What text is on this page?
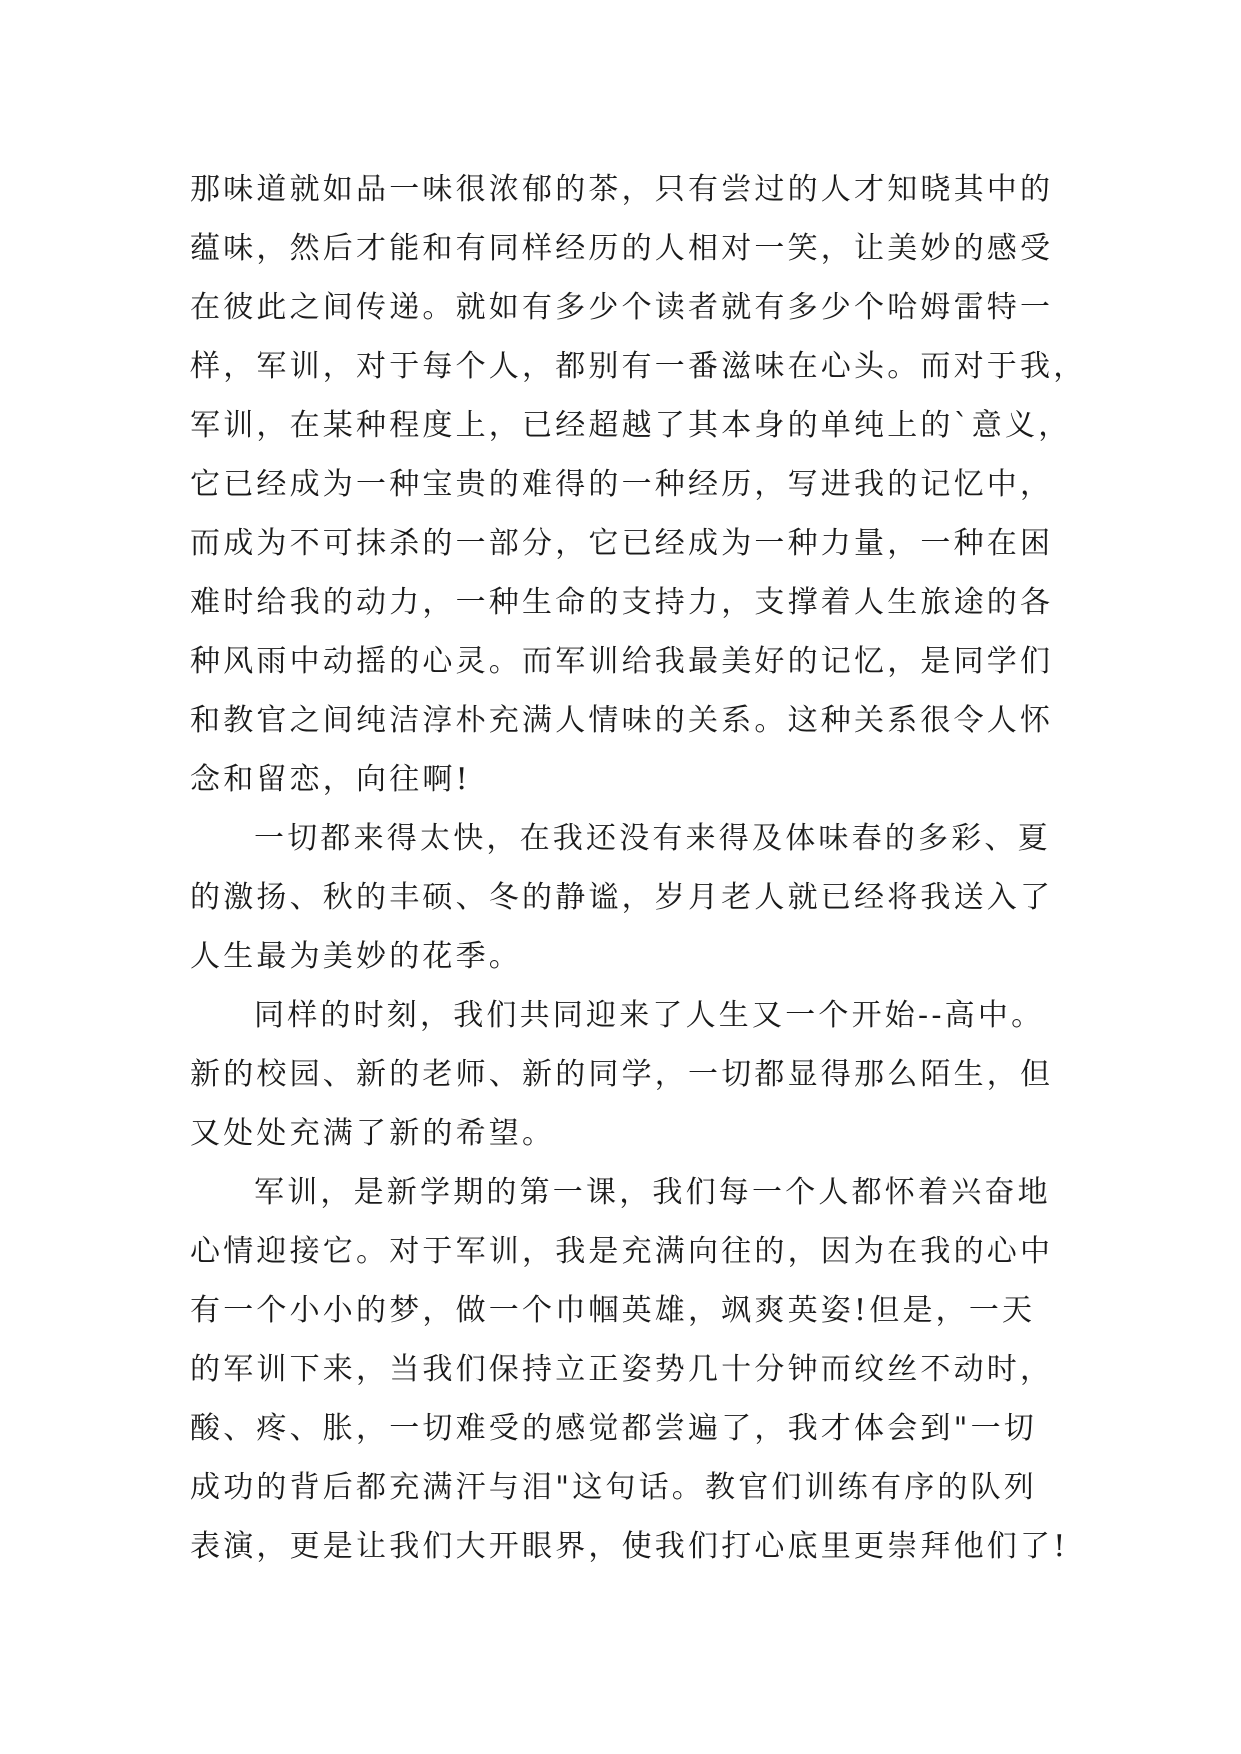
那味道就如品一味很浓郁的茶，只有尝过的人才知晓其中的
蕴味，然后才能和有同样经历的人相对一笑，让美妙的感受
在彼此之间传递。就如有多少个读者就有多少个哈姆雷特一
样，军训，对于每个人，都别有一番滋味在心头。而对于我，
军训，在某种程度上，已经超越了其本身的单纯上的`意义，
它已经成为一种宝贵的难得的一种经历，写进我的记忆中，
而成为不可抹杀的一部分，它已经成为一种力量，一种在困
难时给我的动力，一种生命的支持力，支撑着人生旅途的各
种风雨中动摇的心灵。而军训给我最美好的记忆，是同学们
和教官之间纯洁淳朴充满人情味的关系。这种关系很令人怀
念和留恋，向往啊!
一切都来得太快，在我还没有来得及体味春的多彩、夏
的激扬、秋的丰硕、冬的静谧，岁月老人就已经将我送入了
人生最为美妙的花季。
同样的时刻，我们共同迎来了人生又一个开始--高中。
新的校园、新的老师、新的同学，一切都显得那么陌生，但
又处处充满了新的希望。
军训，是新学期的第一课，我们每一个人都怀着兴奋地
心情迎接它。对于军训，我是充满向往的，因为在我的心中
有一个小小的梦，做一个巾帼英雄，飒爽英姿!但是，一天
的军训下来，当我们保持立正姿势几十分钟而纹丝不动时，
酸、疼、胀，一切难受的感觉都尝遍了，我才体会到"一切
成功的背后都充满汗与泪"这句话。教官们训练有序的队列
表演，更是让我们大开眼界，使我们打心底里更崇拜他们了!
